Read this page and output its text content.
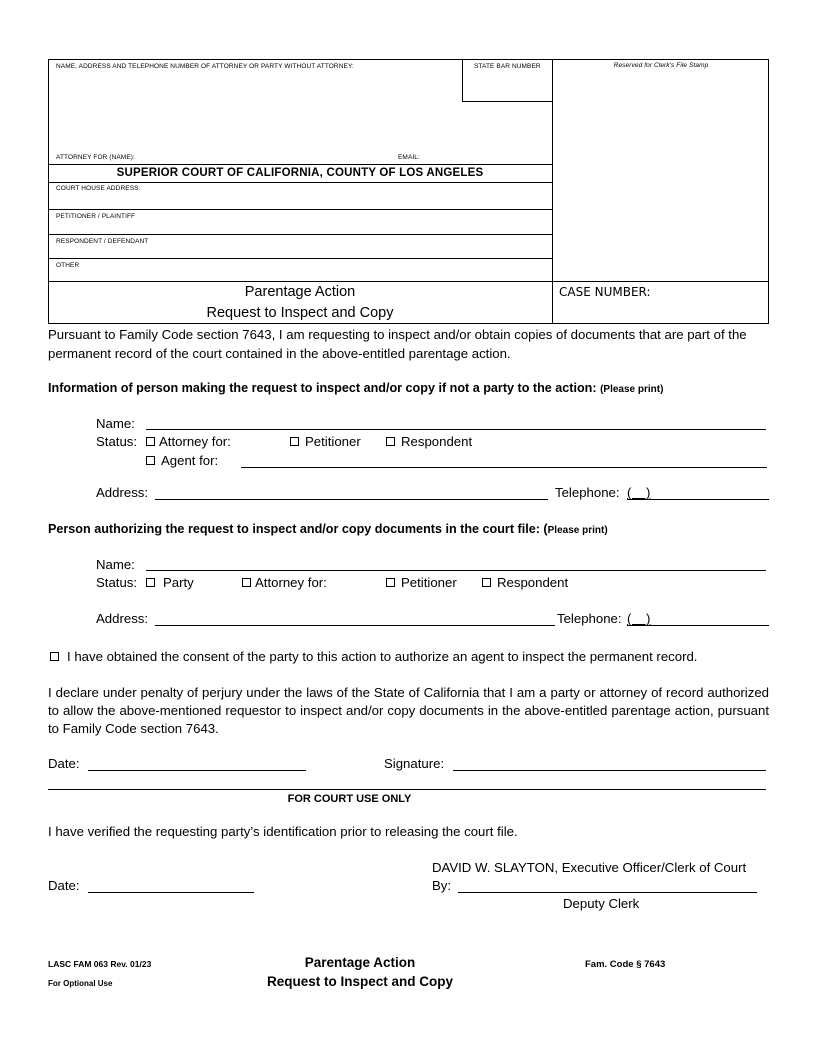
NAME, ADDRESS AND TELEPHONE NUMBER OF ATTORNEY OR PARTY WITHOUT ATTORNEY:	STATE BAR NUMBER	Reserved for Clerk's File Stamp
ATTORNEY FOR (NAME):	EMAIL:
SUPERIOR COURT OF CALIFORNIA, COUNTY OF LOS ANGELES
COURT HOUSE ADDRESS:
PETITIONER / PLAINTIFF
RESPONDENT / DEFENDANT
OTHER
Parentage Action
Request to Inspect and Copy
CASE NUMBER:
Pursuant to Family Code section 7643, I am requesting to inspect and/or obtain copies of documents that are part of the permanent record of the court contained in the above-entitled parentage action.
Information of person making the request to inspect and/or copy if not a party to the action: (Please print)
Name:
Status:	Attorney for:	Petitioner	Respondent
Agent for:
Address:	Telephone: (    )
Person authorizing the request to inspect and/or copy documents in the court file: (Please print)
Name:
Status:	Party	Attorney for:	Petitioner	Respondent
Address:	Telephone: (    )
I have obtained the consent of the party to this action to authorize an agent to inspect the permanent record.
I declare under penalty of perjury under the laws of the State of California that I am a party or attorney of record authorized to allow the above-mentioned requestor to inspect and/or copy documents in the above-entitled parentage action, pursuant to Family Code section 7643.
Date:	Signature:
FOR COURT USE ONLY
I have verified the requesting party’s identification prior to releasing the court file.
DAVID W. SLAYTON, Executive Officer/Clerk of Court
Date:	By:
Deputy Clerk
LASC FAM 063 Rev. 01/23
For Optional Use
Parentage Action
Request to Inspect and Copy
Fam. Code § 7643
